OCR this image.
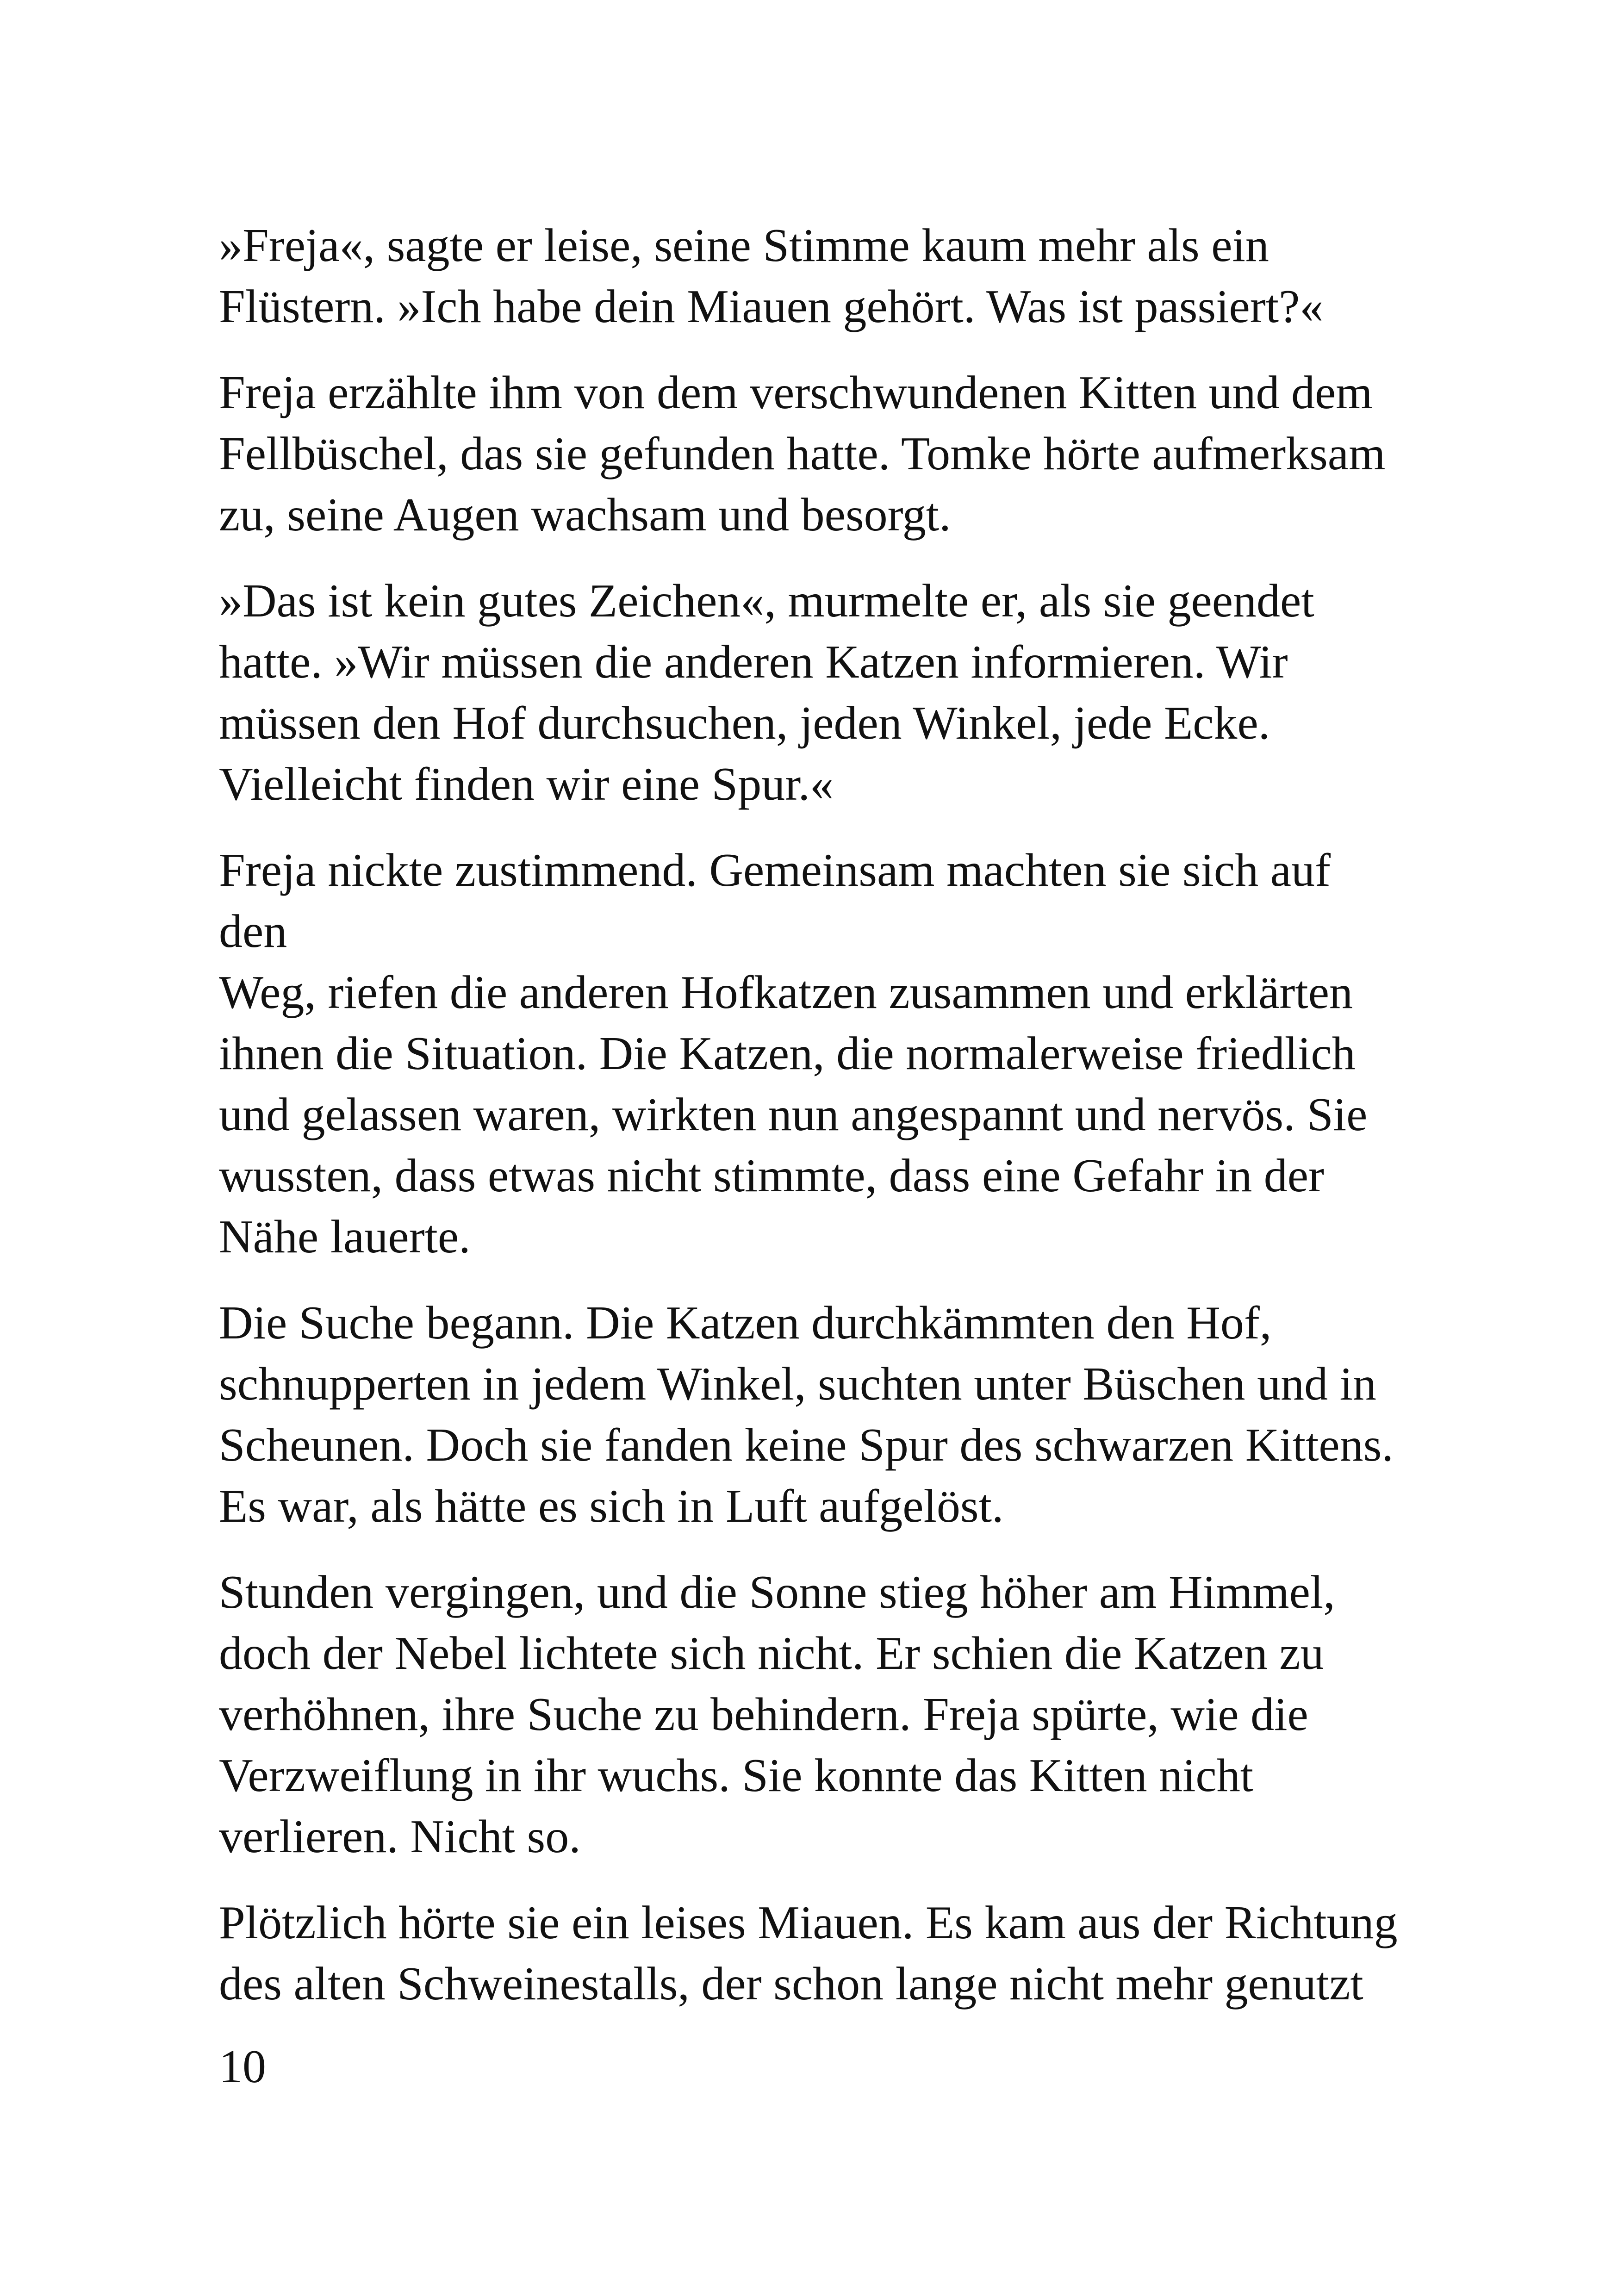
»Freja«, sagte er leise, seine Stimme kaum mehr als ein
Flüstern. »Ich habe dein Miauen gehört. Was ist passiert?«

Freja erzählte ihm von dem verschwundenen Kitten und dem
Fellbüschel, das sie gefunden hatte. Tomke hörte aufmerksam
zu, seine Augen wachsam und besorgt.

»Das ist kein gutes Zeichen«, murmelte er, als sie geendet
hatte. »Wir müssen die anderen Katzen informieren. Wir
müssen den Hof durchsuchen, jeden Winkel, jede Ecke.
Vielleicht finden wir eine Spur.«

Freja nickte zustimmend. Gemeinsam machten sie sich auf den
Weg, riefen die anderen Hofkatzen zusammen und erklärten
ihnen die Situation. Die Katzen, die normalerweise friedlich
und gelassen waren, wirkten nun angespannt und nervös. Sie
wussten, dass etwas nicht stimmte, dass eine Gefahr in der
Nähe lauerte.

Die Suche begann. Die Katzen durchkämmten den Hof,
schnupperten in jedem Winkel, suchten unter Büschen und in
Scheunen. Doch sie fanden keine Spur des schwarzen Kittens.
Es war, als hätte es sich in Luft aufgelöst.

Stunden vergingen, und die Sonne stieg höher am Himmel,
doch der Nebel lichtete sich nicht. Er schien die Katzen zu
verhöhnen, ihre Suche zu behindern. Freja spürte, wie die
Verzweiflung in ihr wuchs. Sie konnte das Kitten nicht
verlieren. Nicht so.

Plötzlich hörte sie ein leises Miauen. Es kam aus der Richtung
des alten Schweinestalls, der schon lange nicht mehr genutzt

10
